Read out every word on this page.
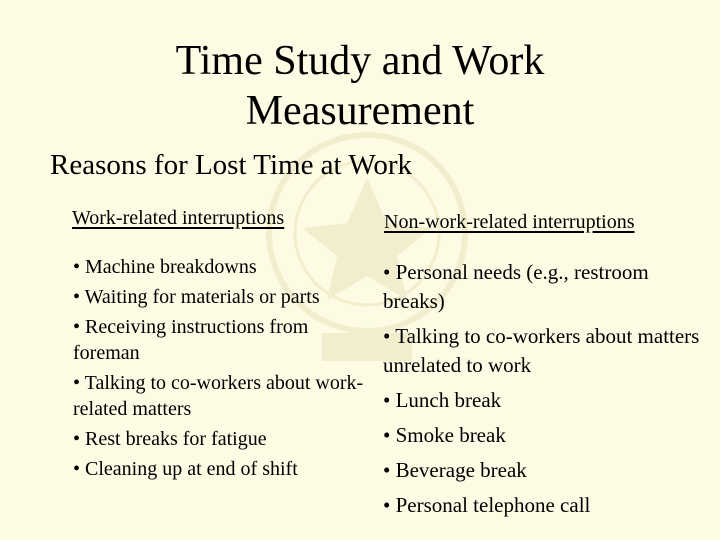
Time Study and Work
Measurement
Reasons for Lost Time at Work
Work-related interruptions	Non-work-related interruptions
• Machine breakdowns
• Waiting for materials or parts
• Receiving instructions from foreman
• Talking to co-workers about work-related matters
• Rest breaks for fatigue
• Cleaning up at end of shift
• Personal needs (e.g., restroom breaks)
• Talking to co-workers about matters unrelated to work
• Lunch break
• Smoke break
• Beverage break
• Personal telephone call
